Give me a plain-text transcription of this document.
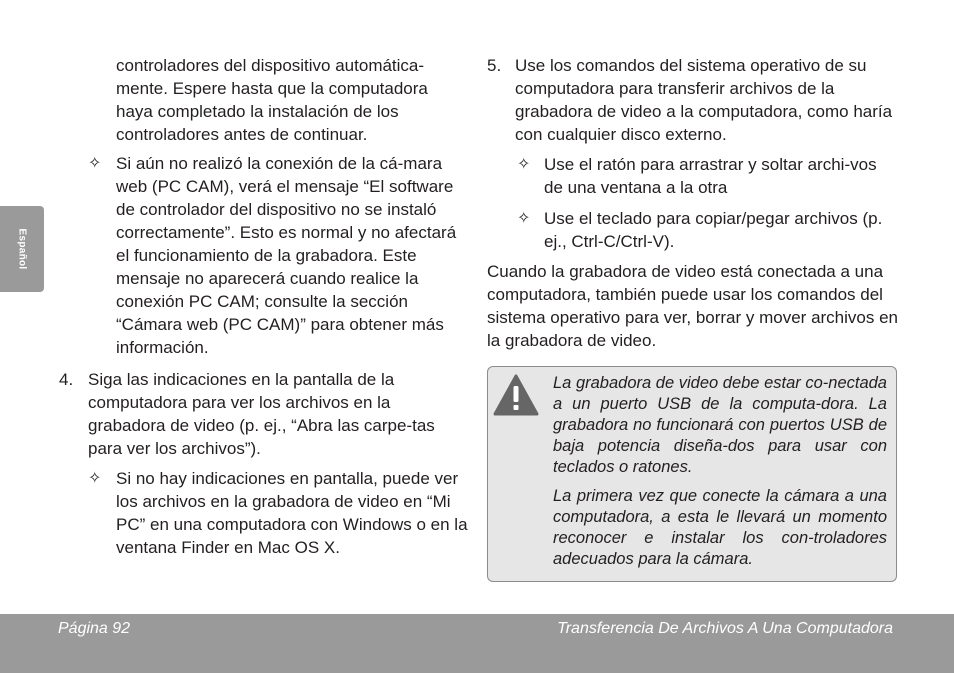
Español

controladores del dispositivo automática-mente. Espere hasta que la computadora haya completado la instalación de los controladores antes de continuar.

✧ Si aún no realizó la conexión de la cá-mara web (PC CAM), verá el mensaje “El software de controlador del dispositivo no se instaló correctamente”. Esto es normal y no afectará el funcionamiento de la grabadora. Este mensaje no aparecerá cuando realice la conexión PC CAM; consulte la sección “Cámara web (PC CAM)” para obtener más información.

4. Siga las indicaciones en la pantalla de la computadora para ver los archivos en la grabadora de video (p. ej., “Abra las carpe-tas para ver los archivos”).

✧ Si no hay indicaciones en pantalla, puede ver los archivos en la grabadora de video en “Mi PC” en una computadora con Windows o en la ventana Finder en Mac OS X.

5. Use los comandos del sistema operativo de su computadora para transferir archivos de la grabadora de video a la computadora, como haría con cualquier disco externo.

✧ Use el ratón para arrastrar y soltar archi-vos de una ventana a la otra

✧ Use el teclado para copiar/pegar archivos (p. ej., Ctrl-C/Ctrl-V).

Cuando la grabadora de video está conectada a una computadora, también puede usar los comandos del sistema operativo para ver, borrar y mover archivos en la grabadora de video.

La grabadora de video debe estar co-nectada a un puerto USB de la computa-dora. La grabadora no funcionará con puertos USB de baja potencia diseña-dos para usar con teclados o ratones.

La primera vez que conecte la cámara a una computadora, a esta le llevará un momento reconocer e instalar los con-troladores adecuados para la cámara.

Página 92	Transferencia De Archivos A Una Computadora
